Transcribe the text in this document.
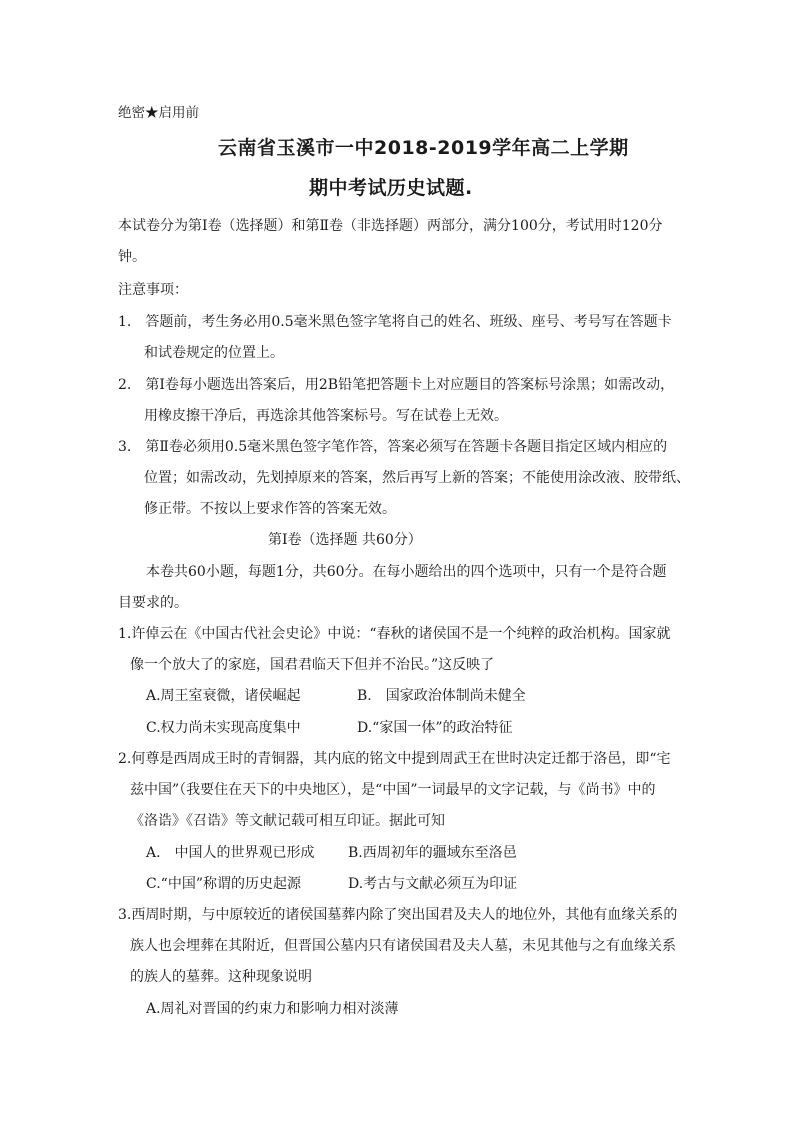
绝密★启用前
云南省玉溪市一中2018-2019学年高二上学期
期中考试历史试题.
本试卷分为第Ⅰ卷（选择题）和第Ⅱ卷（非选择题）两部分，满分100分，考试用时120分
钟。
注意事项：
1.　答题前，考生务必用0.5毫米黑色签字笔将自己的姓名、班级、座号、考号写在答题卡
和试卷规定的位置上。
2.　第Ⅰ卷每小题选出答案后，用2B铅笔把答题卡上对应题目的答案标号涂黑；如需改动，
用橡皮擦干净后，再选涂其他答案标号。写在试卷上无效。
3.　第Ⅱ卷必须用0.5毫米黑色签字笔作答，答案必须写在答题卡各题目指定区域内相应的
位置；如需改动，先划掉原来的答案，然后再写上新的答案；不能使用涂改液、胶带纸、
修正带。不按以上要求作答的答案无效。
第Ⅰ卷（选择题 共60分）
本卷共60小题，每题1分，共60分。在每小题给出的四个选项中，只有一个是符合题
目要求的。
1.许倬云在《中国古代社会史论》中说：“春秋的诸侯国不是一个纯粹的政治机构。国家就
像一个放大了的家庭，国君君临天下但并不治民。”这反映了
A.周王室衰微，诸侯崛起	B.　国家政治体制尚未健全
C.权力尚未实现高度集中	D.“家国一体”的政治特征
2.何尊是西周成王时的青铜器，其内底的铭文中提到周武王在世时决定迁都于洛邑，即“宅
兹中国”（我要住在天下的中央地区），是“中国”一词最早的文字记载，与《尚书》中的
《洛诰》《召诰》等文献记载可相互印证。据此可知
A.　中国人的世界观已形成 B.西周初年的疆域东至洛邑
C.“中国”称谓的历史起源	D.考古与文献必须互为印证
3.西周时期，与中原较近的诸侯国墓葬内除了突出国君及夫人的地位外，其他有血缘关系的
族人也会埋葬在其附近，但晋国公墓内只有诸侯国君及夫人墓，未见其他与之有血缘关系
的族人的墓葬。这种现象说明
A.周礼对晋国的约束力和影响力相对淡薄
